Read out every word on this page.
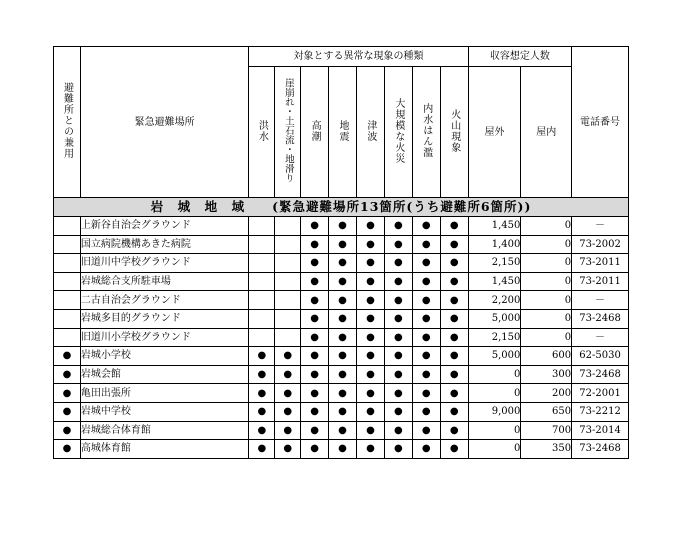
避難所との兼用	緊急避難場所	対象とする異常な現象の種類								収容想定人数		電話番号
		洪水	崖崩れ・土石流・地滑り	高潮	地震	津波	大規模な火災	内水はん濫	火山現象	屋外	屋内	
岩　城　地　域　　(緊急避難場所13箇所(うち避難所6箇所))												
	上新谷自治会グラウンド			●	●	●	●	●	●	1,450	0	－
	国立病院機構あきた病院			●	●	●	●	●	●	1,400	0	73-2002
	旧道川中学校グラウンド			●	●	●	●	●	●	2,150	0	73-2011
	岩城総合支所駐車場			●	●	●	●	●	●	1,450	0	73-2011
	二古自治会グラウンド			●	●	●	●	●	●	2,200	0	－
	岩城多目的グラウンド			●	●	●	●	●	●	5,000	0	73-2468
	旧道川小学校グラウンド			●	●	●	●	●	●	2,150	0	－
●	岩城小学校	●	●	●	●	●	●	●	●	5,000	600	62-5030
●	岩城会館	●	●	●	●	●	●	●	●	0	300	73-2468
●	亀田出張所	●	●	●	●	●	●	●	●	0	200	72-2001
●	岩城中学校	●	●	●	●	●	●	●	●	9,000	650	73-2212
●	岩城総合体育館	●	●	●	●	●	●	●	●	0	700	73-2014
●	高城体育館	●	●	●	●	●	●	●	●	0	350	73-2468
